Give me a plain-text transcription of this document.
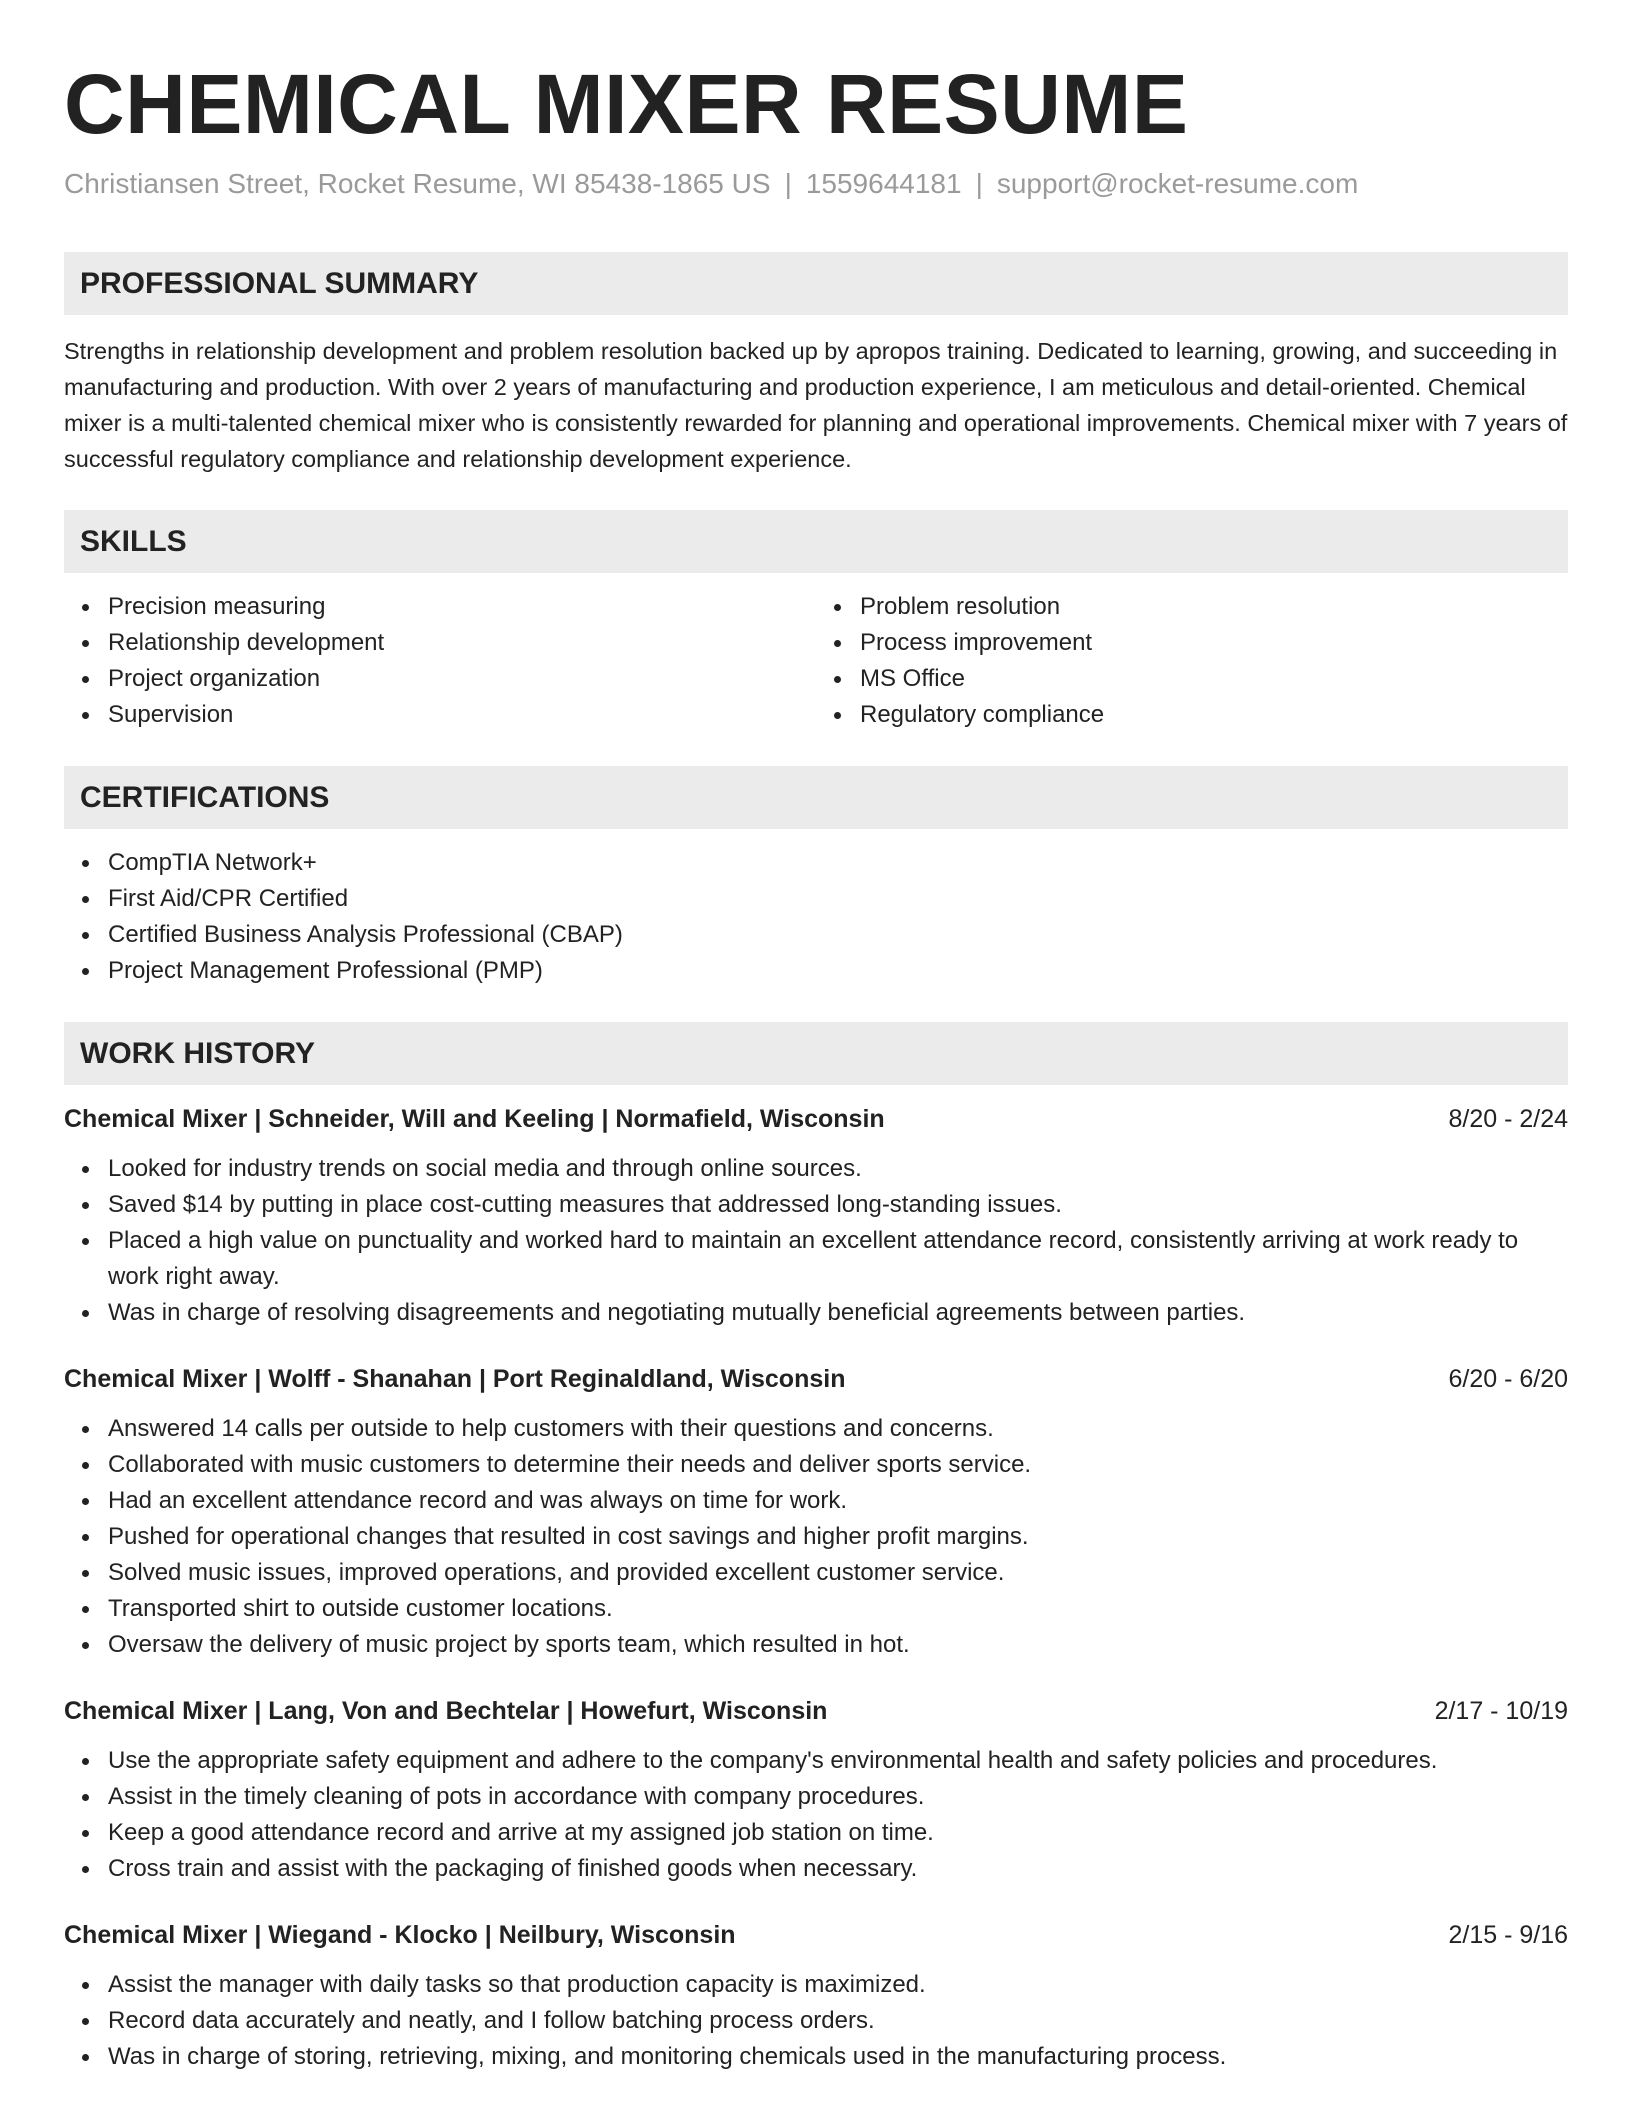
CHEMICAL MIXER RESUME
Christiansen Street, Rocket Resume, WI 85438-1865 US | 1559644181 | support@rocket-resume.com
PROFESSIONAL SUMMARY

Strengths in relationship development and problem resolution backed up by apropos training. Dedicated to learning, growing, and succeeding in manufacturing and production. With over 2 years of manufacturing and production experience, I am meticulous and detail-oriented. Chemical mixer is a multi-talented chemical mixer who is consistently rewarded for planning and operational improvements. Chemical mixer with 7 years of successful regulatory compliance and relationship development experience.

SKILLS
Precision measuring
Relationship development
Project organization
Supervision
Problem resolution
Process improvement
MS Office
Regulatory compliance
CERTIFICATIONS
CompTIA Network+
First Aid/CPR Certified
Certified Business Analysis Professional (CBAP)
Project Management Professional (PMP)
WORK HISTORY
Chemical Mixer | Schneider, Will and Keeling | Normafield, Wisconsin	8/20 - 2/24
Looked for industry trends on social media and through online sources.
Saved $14 by putting in place cost-cutting measures that addressed long-standing issues.
Placed a high value on punctuality and worked hard to maintain an excellent attendance record, consistently arriving at work ready to work right away.
Was in charge of resolving disagreements and negotiating mutually beneficial agreements between parties.
Chemical Mixer | Wolff - Shanahan | Port Reginaldland, Wisconsin	6/20 - 6/20
Answered 14 calls per outside to help customers with their questions and concerns.
Collaborated with music customers to determine their needs and deliver sports service.
Had an excellent attendance record and was always on time for work.
Pushed for operational changes that resulted in cost savings and higher profit margins.
Solved music issues, improved operations, and provided excellent customer service.
Transported shirt to outside customer locations.
Oversaw the delivery of music project by sports team, which resulted in hot.
Chemical Mixer | Lang, Von and Bechtelar | Howefurt, Wisconsin	2/17 - 10/19
Use the appropriate safety equipment and adhere to the company's environmental health and safety policies and procedures.
Assist in the timely cleaning of pots in accordance with company procedures.
Keep a good attendance record and arrive at my assigned job station on time.
Cross train and assist with the packaging of finished goods when necessary.
Chemical Mixer | Wiegand - Klocko | Neilbury, Wisconsin	2/15 - 9/16
Assist the manager with daily tasks so that production capacity is maximized.
Record data accurately and neatly, and I follow batching process orders.
Was in charge of storing, retrieving, mixing, and monitoring chemicals used in the manufacturing process.
